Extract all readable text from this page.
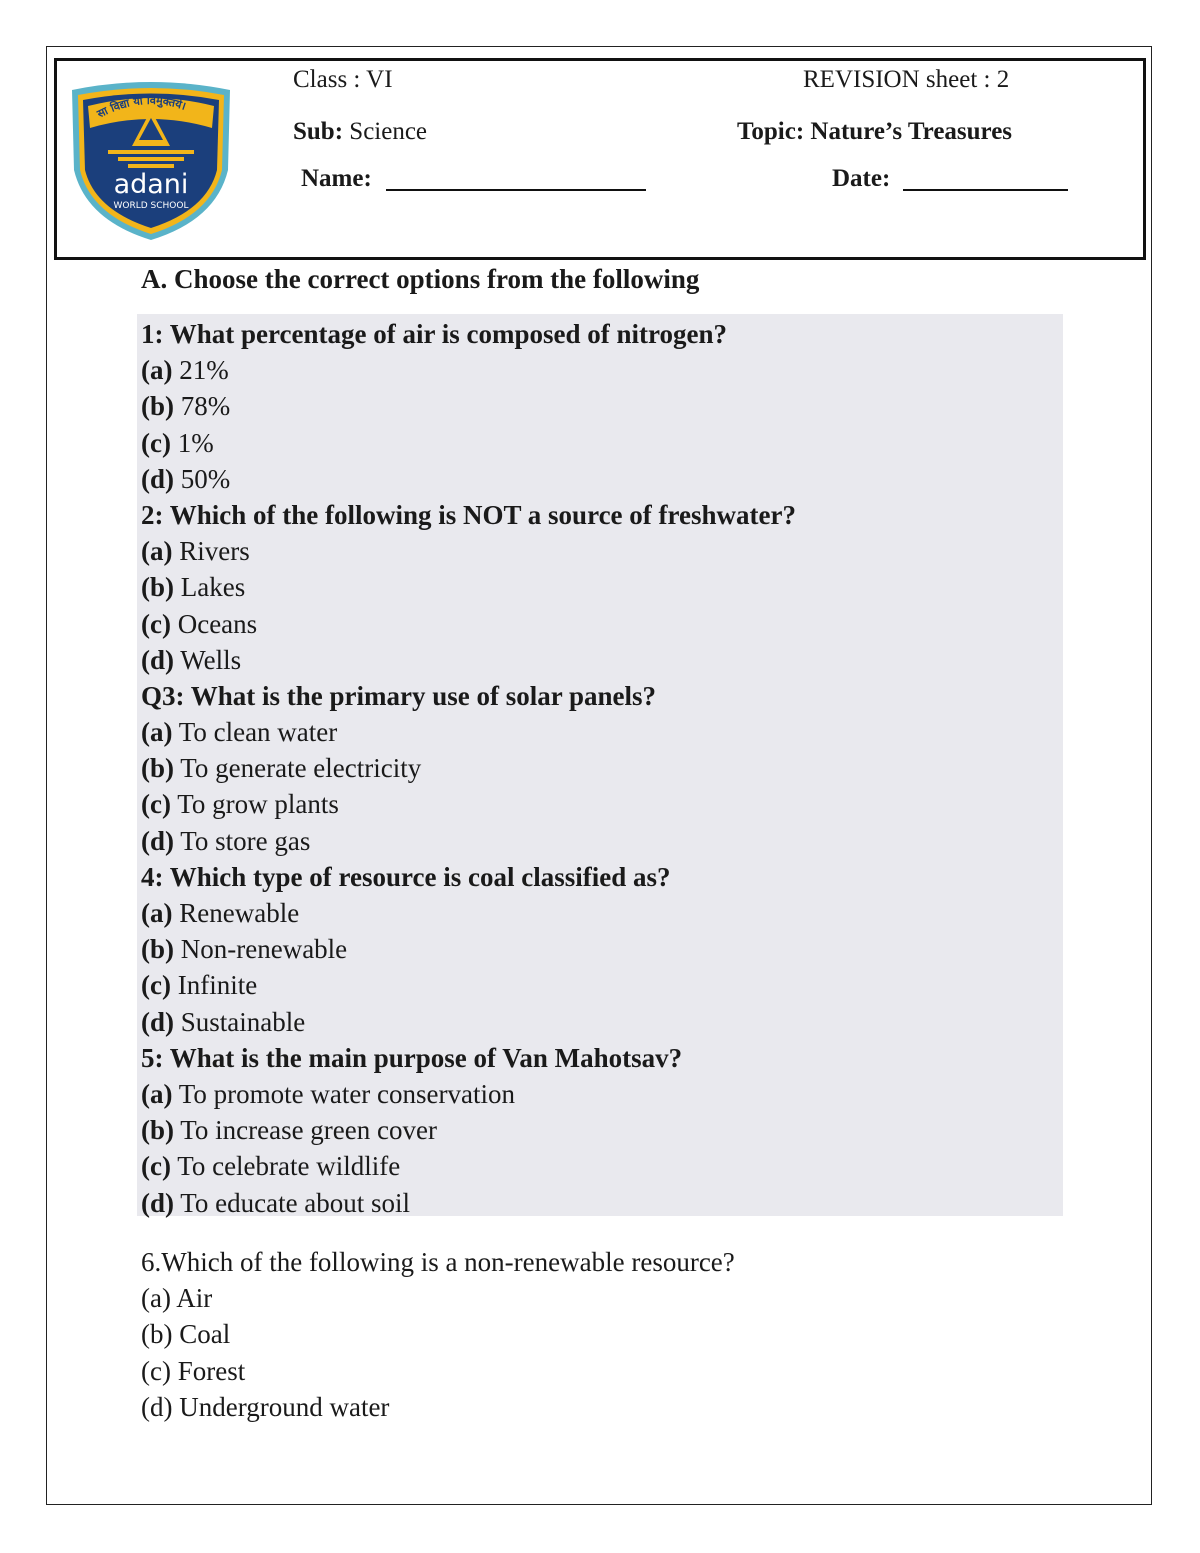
सा विद्या या विमुक्तये।
adani
WORLD SCHOOL
Class : VI	REVISION sheet : 2
Sub: Science	Topic: Nature’s Treasures
Name:	Date:
A. Choose the correct options from the following
1: What percentage of air is composed of nitrogen?
(a) 21%
(b) 78%
(c) 1%
(d) 50%
2: Which of the following is NOT a source of freshwater?
(a) Rivers
(b) Lakes
(c) Oceans
(d) Wells
Q3: What is the primary use of solar panels?
(a) To clean water
(b) To generate electricity
(c) To grow plants
(d) To store gas
4: Which type of resource is coal classified as?
(a) Renewable
(b) Non-renewable
(c) Infinite
(d) Sustainable
5: What is the main purpose of Van Mahotsav?
(a) To promote water conservation
(b) To increase green cover
(c) To celebrate wildlife
(d) To educate about soil
6.Which of the following is a non-renewable resource?
(a) Air
(b) Coal
(c) Forest
(d) Underground water
